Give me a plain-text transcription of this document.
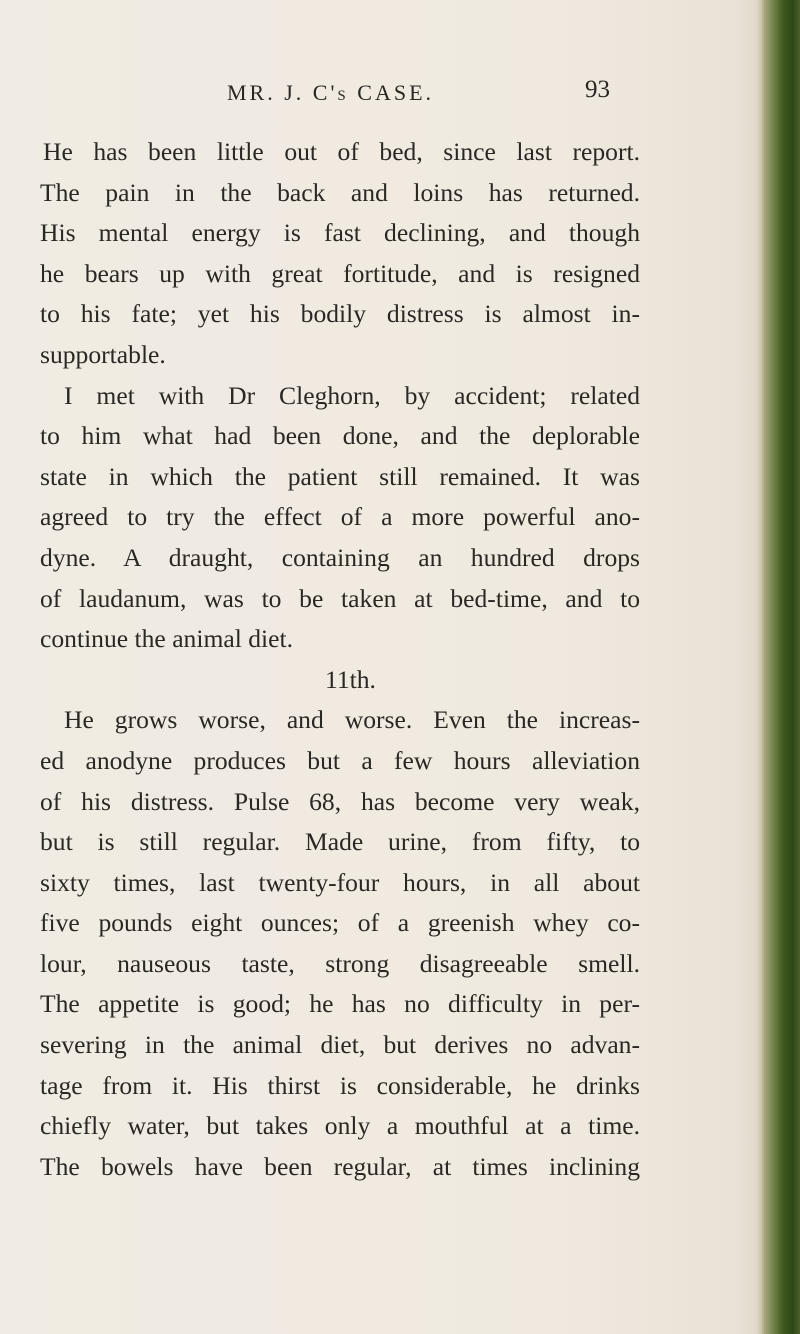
MR. J. C's CASE.	93
He has been little out of bed, since last report.
The pain in the back and loins has returned.
His mental energy is fast declining, and though
he bears up with great fortitude, and is resigned
to his fate; yet his bodily distress is almost in-
supportable.
I met with Dr Cleghorn, by accident; related
to him what had been done, and the deplorable
state in which the patient still remained. It was
agreed to try the effect of a more powerful ano-
dyne. A draught, containing an hundred drops
of laudanum, was to be taken at bed-time, and to
continue the animal diet.
11th.
He grows worse, and worse. Even the increas-
ed anodyne produces but a few hours alleviation
of his distress. Pulse 68, has become very weak,
but is still regular. Made urine, from fifty, to
sixty times, last twenty-four hours, in all about
five pounds eight ounces; of a greenish whey co-
lour, nauseous taste, strong disagreeable smell.
The appetite is good; he has no difficulty in per-
severing in the animal diet, but derives no advan-
tage from it. His thirst is considerable, he drinks
chiefly water, but takes only a mouthful at a time.
The bowels have been regular, at times inclining
